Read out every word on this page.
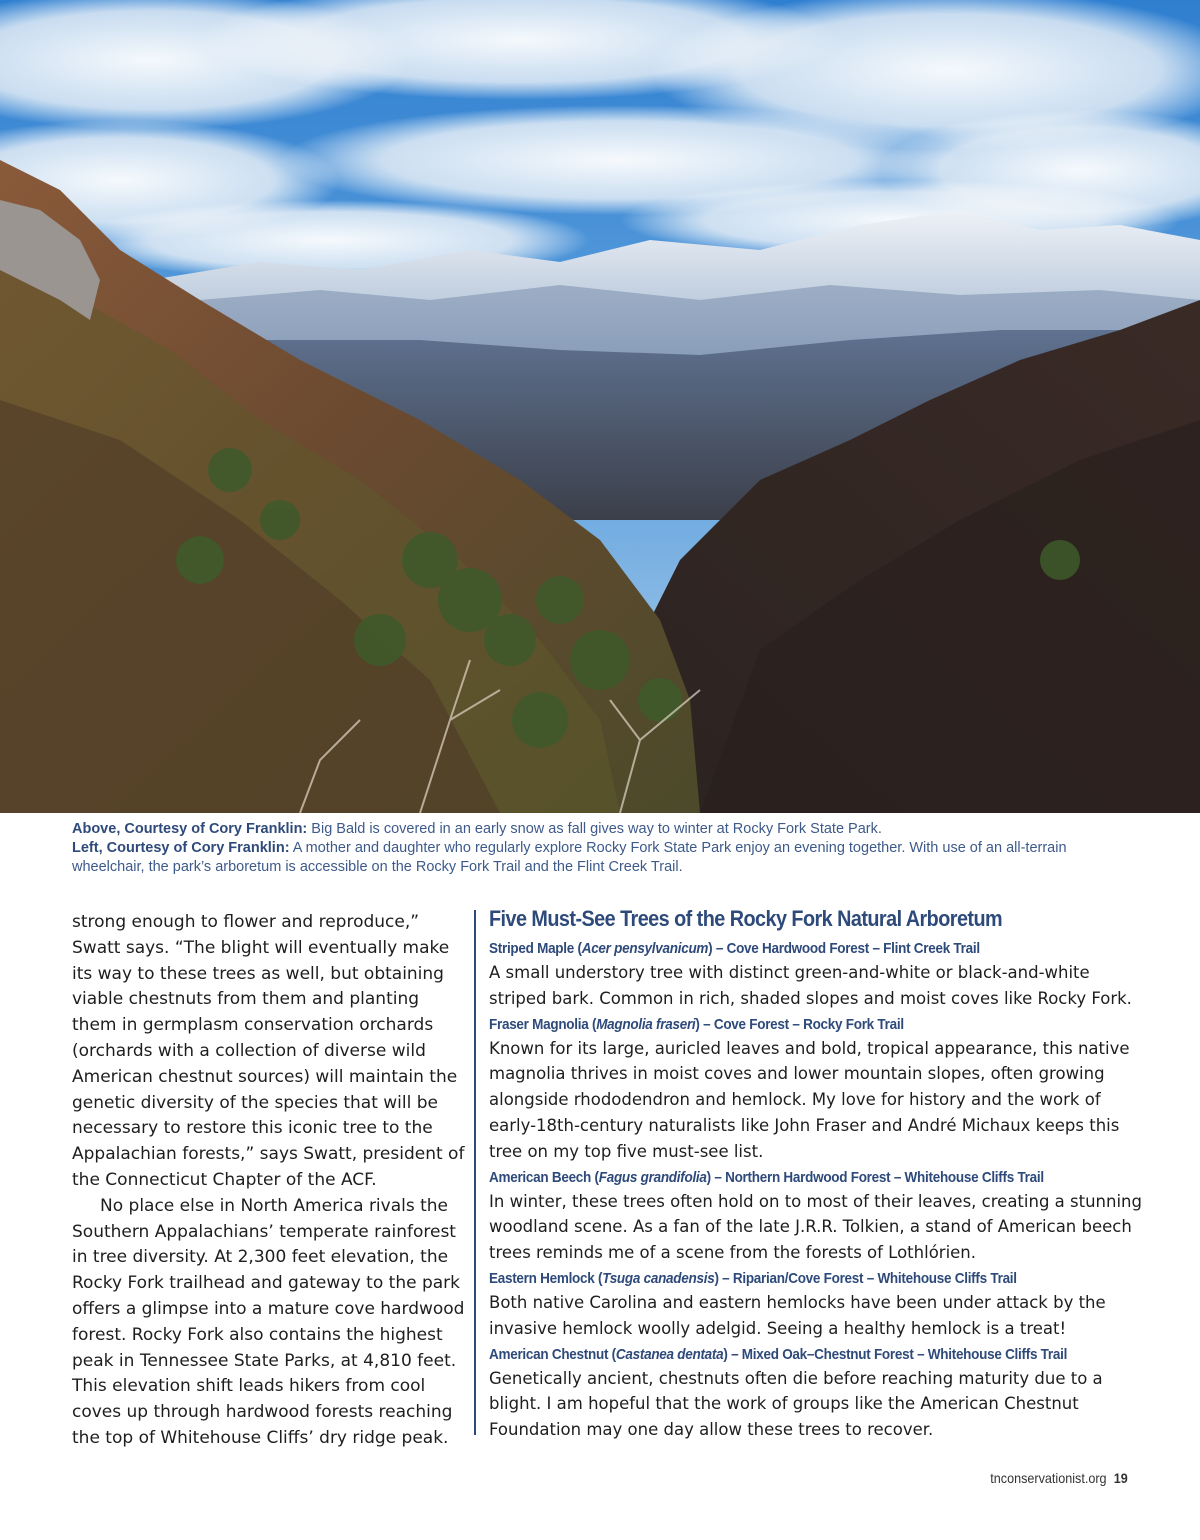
Above, Courtesy of Cory Franklin: Big Bald is covered in an early snow as fall gives way to winter at Rocky Fork State Park.

Left, Courtesy of Cory Franklin: A mother and daughter who regularly explore Rocky Fork State Park enjoy an evening together. With use of an all-terrain wheelchair, the park’s arboretum is accessible on the Rocky Fork Trail and the Flint Creek Trail.

strong enough to flower and reproduce,” Swatt says. “The blight will eventually make its way to these trees as well, but obtaining viable chestnuts from them and planting them in germplasm conservation orchards (orchards with a collection of diverse wild American chestnut sources) will maintain the genetic diversity of the species that will be necessary to restore this iconic tree to the Appalachian forests,” says Swatt, president of the Connecticut Chapter of the ACF.

No place else in North America rivals the Southern Appalachians’ temperate rainforest in tree diversity. At 2,300 feet elevation, the Rocky Fork trailhead and gateway to the park offers a glimpse into a mature cove hardwood forest. Rocky Fork also contains the highest peak in Tennessee State Parks, at 4,810 feet. This elevation shift leads hikers from cool coves up through hardwood forests reaching the top of Whitehouse Cliffs’ dry ridge peak.

Five Must-See Trees of the Rocky Fork Natural Arboretum

Striped Maple (Acer pensylvanicum) – Cove Hardwood Forest – Flint Creek Trail

A small understory tree with distinct green-and-white or black-and-white striped bark. Common in rich, shaded slopes and moist coves like Rocky Fork.

Fraser Magnolia (Magnolia fraseri) – Cove Forest – Rocky Fork Trail

Known for its large, auricled leaves and bold, tropical appearance, this native magnolia thrives in moist coves and lower mountain slopes, often growing alongside rhododendron and hemlock. My love for history and the work of early-18th-century naturalists like John Fraser and André Michaux keeps this tree on my top five must-see list.

American Beech (Fagus grandifolia) – Northern Hardwood Forest – Whitehouse Cliffs Trail

In winter, these trees often hold on to most of their leaves, creating a stunning woodland scene. As a fan of the late J.R.R. Tolkien, a stand of American beech trees reminds me of a scene from the forests of Lothlórien.

Eastern Hemlock (Tsuga canadensis) – Riparian/Cove Forest – Whitehouse Cliffs Trail

Both native Carolina and eastern hemlocks have been under attack by the invasive hemlock woolly adelgid. Seeing a healthy hemlock is a treat!

American Chestnut (Castanea dentata) – Mixed Oak–Chestnut Forest – Whitehouse Cliffs Trail

Genetically ancient, chestnuts often die before reaching maturity due to a blight. I am hopeful that the work of groups like the American Chestnut Foundation may one day allow these trees to recover.

tnconservationist.org 19
